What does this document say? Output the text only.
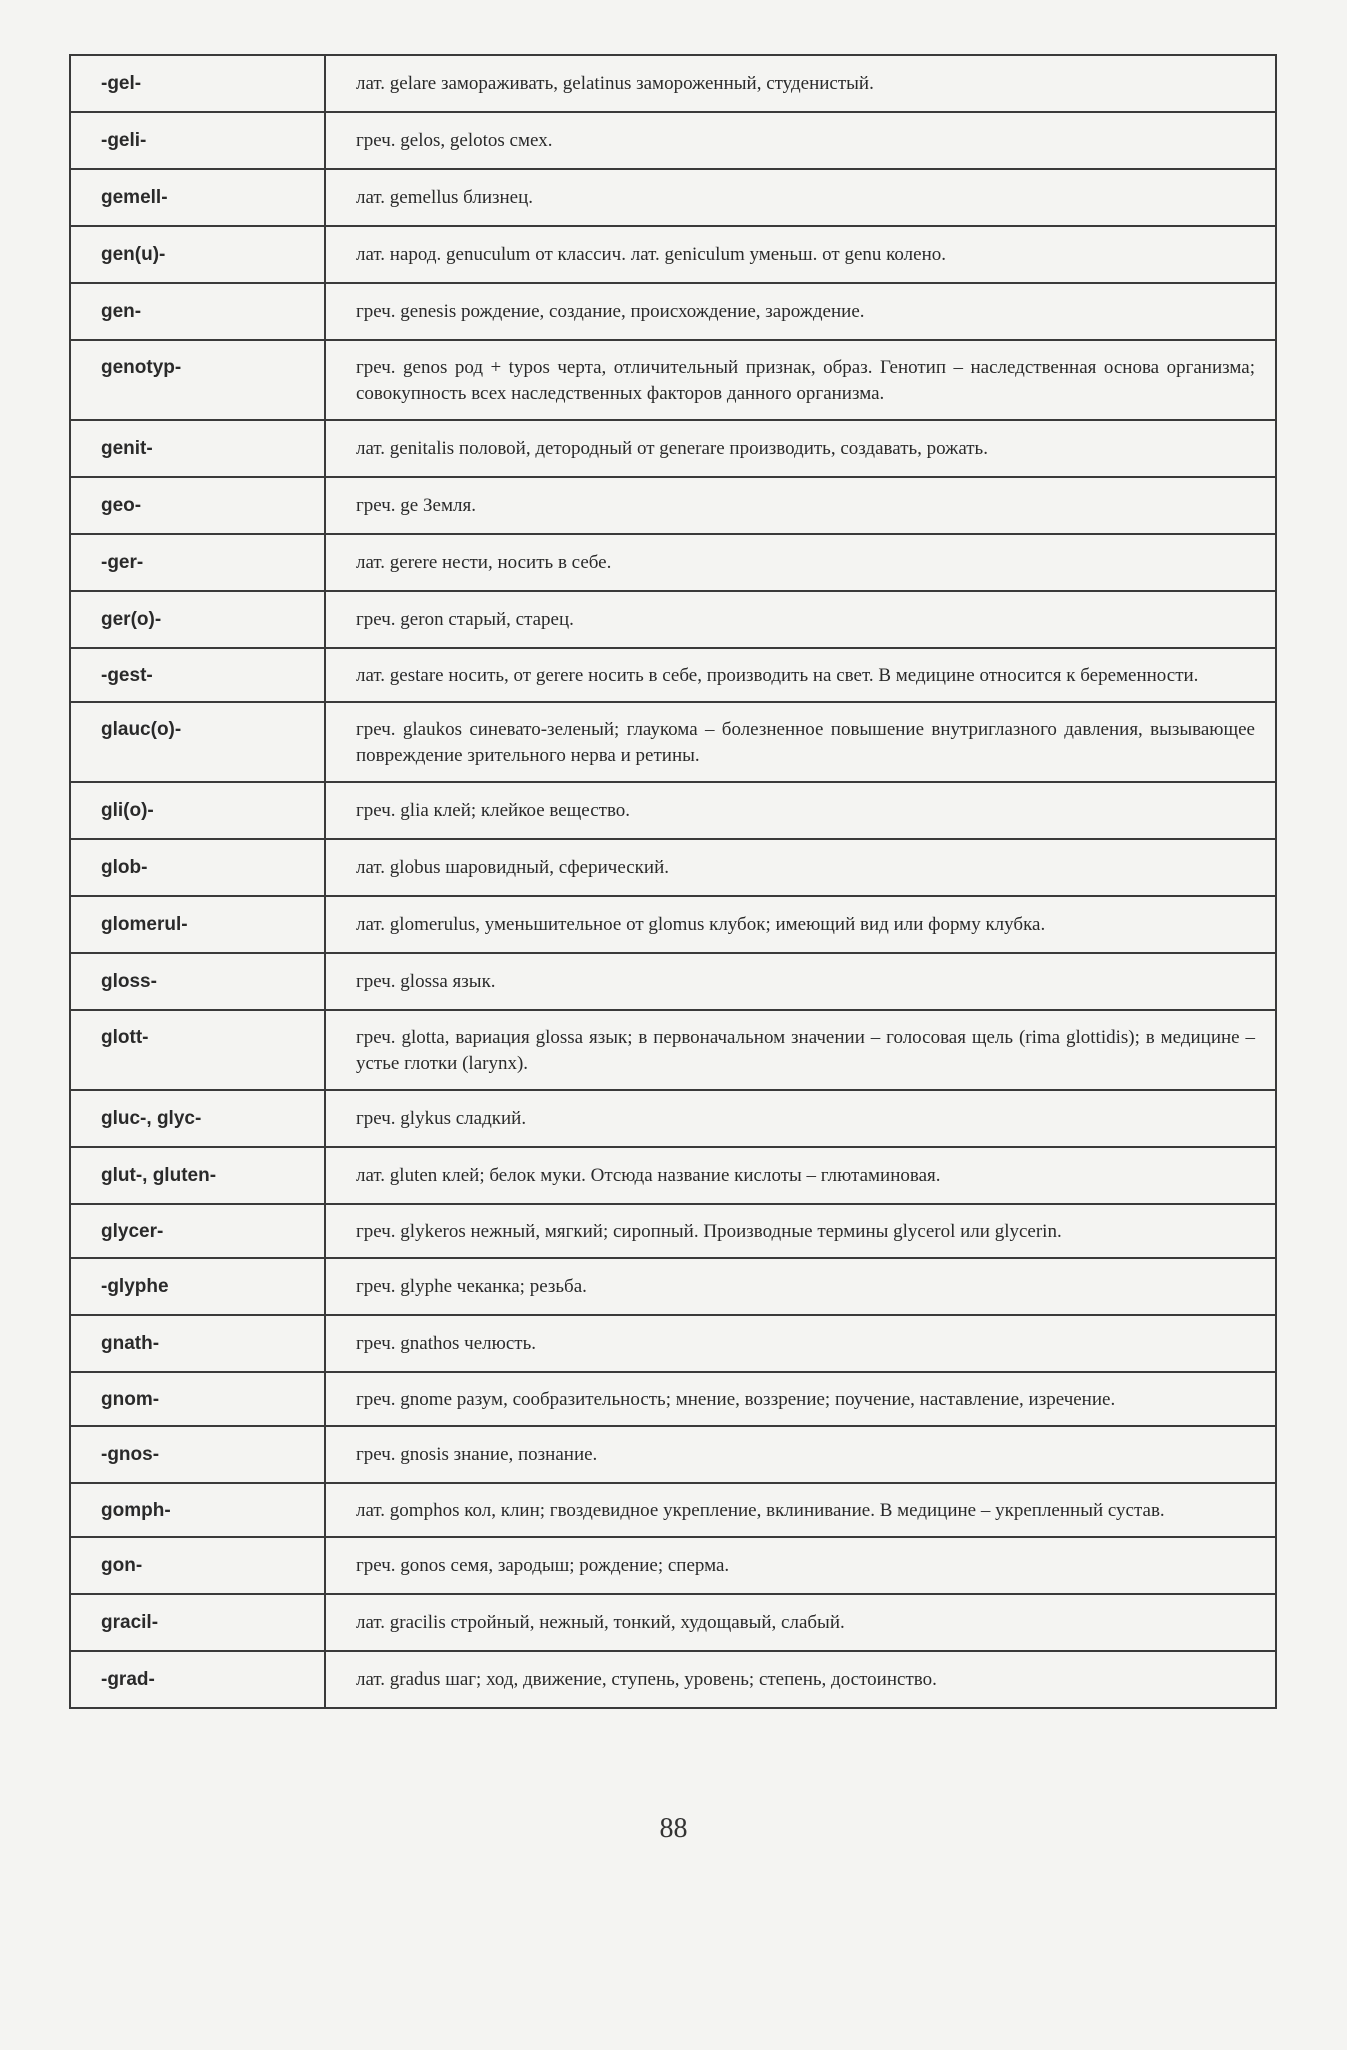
-gel-	лат. gelare замораживать, gelatinus замороженный, студенистый.
-geli-	греч. gelos, gelotos смех.
gemell-	лат. gemellus близнец.
gen(u)-	лат. народ. genuculum от классич. лат. geniculum уменьш. от genu колено.
gen-	греч. genesis рождение, создание, происхождение, зарождение.
genotyp-	греч. genos род + typos черта, отличительный признак, образ. Генотип – наследственная основа организма; совокупность всех наследственных факторов данного организма.
genit-	лат. genitalis половой, детородный от generare производить, создавать, рожать.
geo-	греч. ge Земля.
-ger-	лат. gerere нести, носить в себе.
ger(o)-	греч. geron старый, старец.
-gest-	лат. gestare носить, от gerere носить в себе, производить на свет. В медицине относится к беременности.
glauc(o)-	греч. glaukos синевато-зеленый; глаукома – болезненное повышение внутриглазного давления, вызывающее повреждение зрительного нерва и ретины.
gli(o)-	греч. glia клей; клейкое вещество.
glob-	лат. globus шаровидный, сферический.
glomerul-	лат. glomerulus, уменьшительное от glomus клубок; имеющий вид или форму клубка.
gloss-	греч. glossa язык.
glott-	греч. glotta, вариация glossa язык; в первоначальном значении – голосовая щель (rima glottidis); в медицине – устье глотки (larynx).
gluc-, glyc-	греч. glykus сладкий.
glut-, gluten-	лат. gluten клей; белок муки. Отсюда название кислоты – глютаминовая.
glycer-	греч. glykeros нежный, мягкий; сиропный. Производные термины glycerol или glycerin.
-glyphe	греч. glyphe чеканка; резьба.
gnath-	греч. gnathos челюсть.
gnom-	греч. gnome разум, сообразительность; мнение, воззрение; поучение, наставление, изречение.
-gnos-	греч. gnosis знание, познание.
gomph-	лат. gomphos кол, клин; гвоздевидное укрепление, вклинивание. В медицине – укрепленный сустав.
gon-	греч. gonos семя, зародыш; рождение; сперма.
gracil-	лат. gracilis стройный, нежный, тонкий, худощавый, слабый.
-grad-	лат. gradus шаг; ход, движение, ступень, уровень; степень, достоинство.
88
